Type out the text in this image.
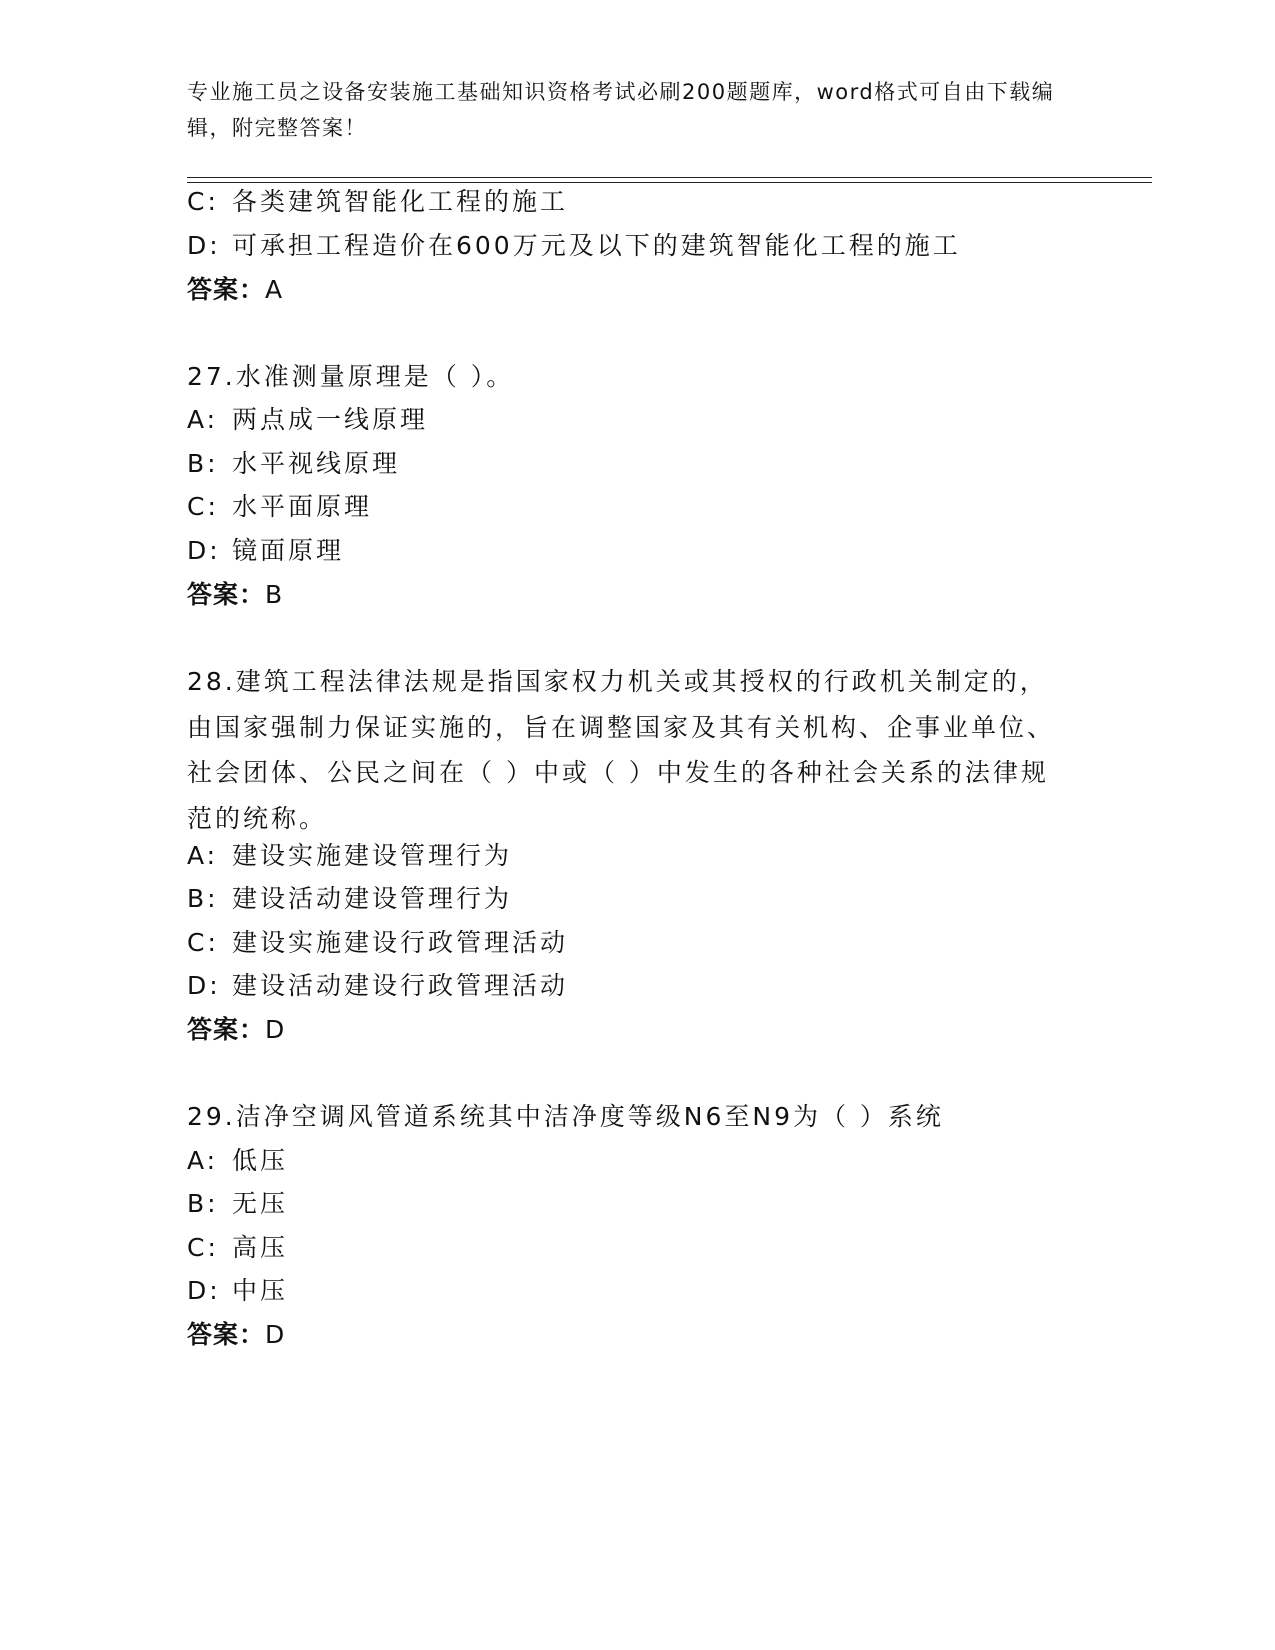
专业施工员之设备安装施工基础知识资格考试必刷200题题库，word格式可自由下载编辑，附完整答案！
C: 各类建筑智能化工程的施工
D: 可承担工程造价在600万元及以下的建筑智能化工程的施工
答案：A
27.水准测量原理是（ ）。
A: 两点成一线原理
B: 水平视线原理
C: 水平面原理
D: 镜面原理
答案：B
28.建筑工程法律法规是指国家权力机关或其授权的行政机关制定的，由国家强制力保证实施的，旨在调整国家及其有关机构、企事业单位、社会团体、公民之间在（ ）中或（ ）中发生的各种社会关系的法律规范的统称。
A: 建设实施建设管理行为
B: 建设活动建设管理行为
C: 建设实施建设行政管理活动
D: 建设活动建设行政管理活动
答案：D
29.洁净空调风管道系统其中洁净度等级N6至N9为（ ）系统
A: 低压
B: 无压
C: 高压
D: 中压
答案：D
